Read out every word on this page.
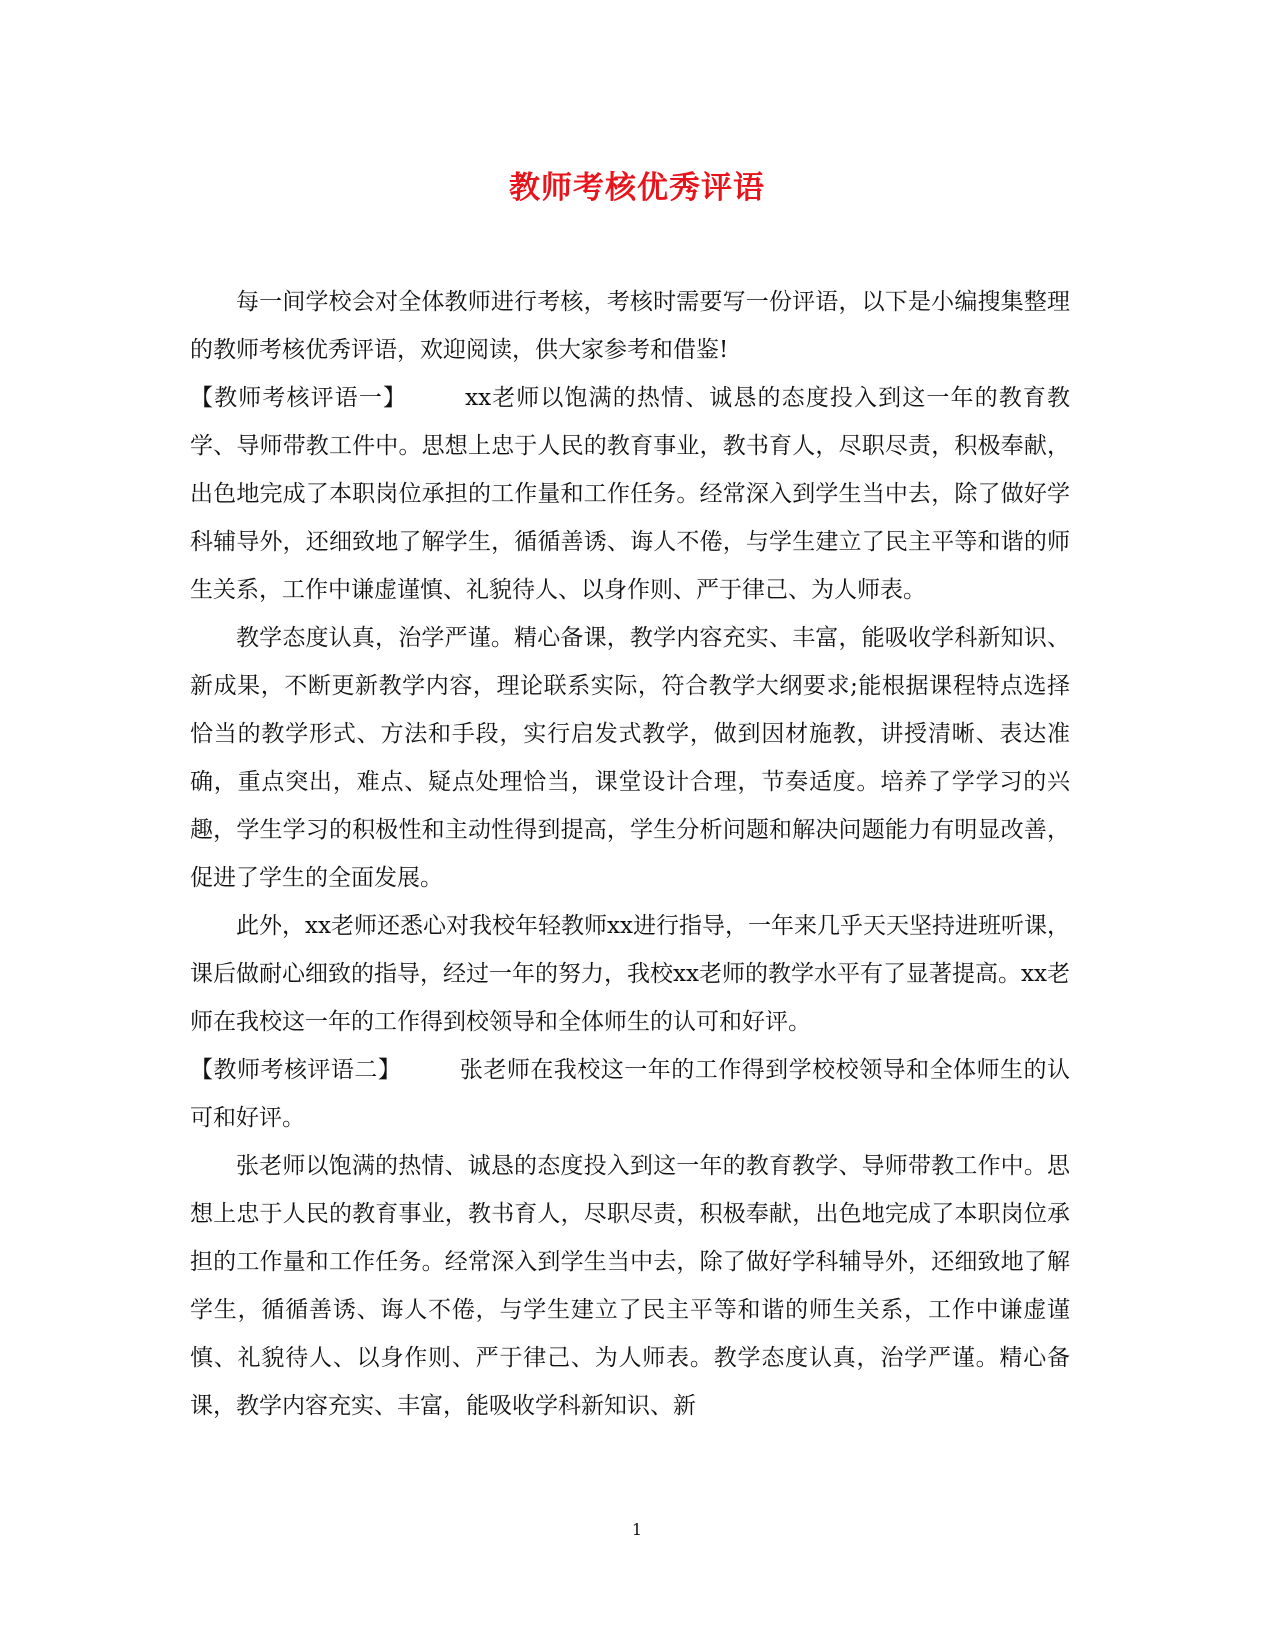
教师考核优秀评语

每一间学校会对全体教师进行考核，考核时需要写一份评语，以下是小编搜集整理的教师考核优秀评语，欢迎阅读，供大家参考和借鉴!

【教师考核评语一】	xx老师以饱满的热情、诚恳的态度投入到这一年的教育教学、导师带教工件中。思想上忠于人民的教育事业，教书育人，尽职尽责，积极奉献，出色地完成了本职岗位承担的工作量和工作任务。经常深入到学生当中去，除了做好学科辅导外，还细致地了解学生，循循善诱、诲人不倦，与学生建立了民主平等和谐的师生关系，工作中谦虚谨慎、礼貌待人、以身作则、严于律己、为人师表。

教学态度认真，治学严谨。精心备课，教学内容充实、丰富，能吸收学科新知识、新成果，不断更新教学内容，理论联系实际，符合教学大纲要求;能根据课程特点选择恰当的教学形式、方法和手段，实行启发式教学，做到因材施教，讲授清晰、表达准确，重点突出，难点、疑点处理恰当，课堂设计合理，节奏适度。培养了学学习的兴趣，学生学习的积极性和主动性得到提高，学生分析问题和解决问题能力有明显改善，促进了学生的全面发展。

此外，xx老师还悉心对我校年轻教师xx进行指导，一年来几乎天天坚持进班听课，课后做耐心细致的指导，经过一年的努力，我校xx老师的教学水平有了显著提高。xx老师在我校这一年的工作得到校领导和全体师生的认可和好评。

【教师考核评语二】	张老师在我校这一年的工作得到学校校领导和全体师生的认可和好评。

张老师以饱满的热情、诚恳的态度投入到这一年的教育教学、导师带教工作中。思想上忠于人民的教育事业，教书育人，尽职尽责，积极奉献，出色地完成了本职岗位承担的工作量和工作任务。经常深入到学生当中去，除了做好学科辅导外，还细致地了解学生，循循善诱、诲人不倦，与学生建立了民主平等和谐的师生关系，工作中谦虚谨慎、礼貌待人、以身作则、严于律己、为人师表。教学态度认真，治学严谨。精心备课，教学内容充实、丰富，能吸收学科新知识、新

1
